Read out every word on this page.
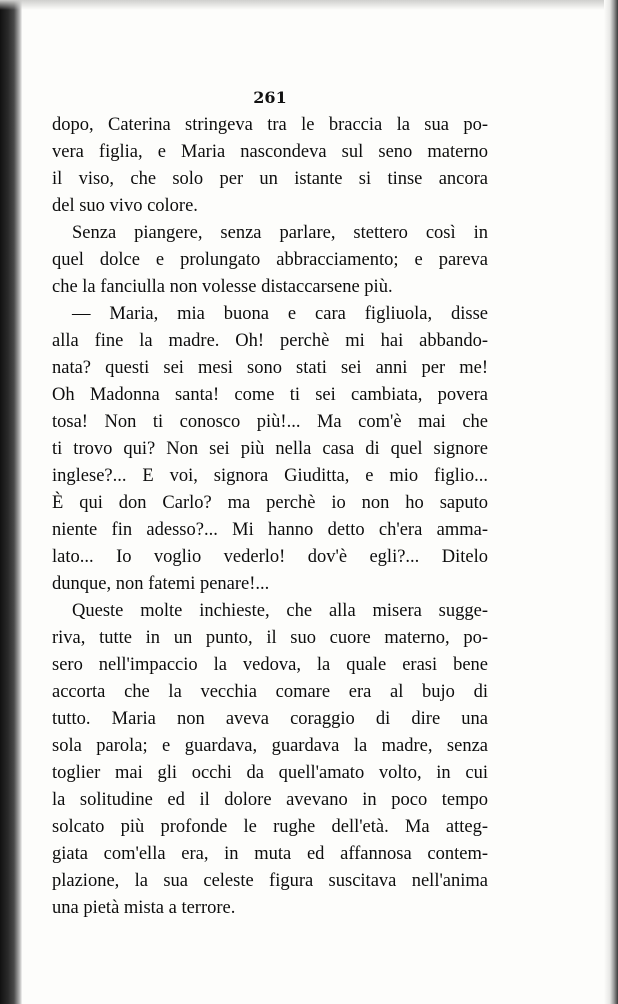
261
dopo, Caterina stringeva tra le braccia la sua po-
vera figlia, e Maria nascondeva sul seno materno
il viso, che solo per un istante si tinse ancora
del suo vivo colore.
Senza piangere, senza parlare, stettero così in
quel dolce e prolungato abbracciamento; e pareva
che la fanciulla non volesse distaccarsene più.
— Maria, mia buona e cara figliuola, disse
alla fine la madre. Oh! perchè mi hai abbando-
nata? questi sei mesi sono stati sei anni per me!
Oh Madonna santa! come ti sei cambiata, povera
tosa! Non ti conosco più!... Ma com'è mai che
ti trovo qui? Non sei più nella casa di quel signore
inglese?... E voi, signora Giuditta, e mio figlio...
È qui don Carlo? ma perchè io non ho saputo
niente fin adesso?... Mi hanno detto ch'era amma-
lato... Io voglio vederlo! dov'è egli?... Ditelo
dunque, non fatemi penare!...
Queste molte inchieste, che alla misera sugge-
riva, tutte in un punto, il suo cuore materno, po-
sero nell'impaccio la vedova, la quale erasi bene
accorta che la vecchia comare era al bujo di
tutto. Maria non aveva coraggio di dire una
sola parola; e guardava, guardava la madre, senza
toglier mai gli occhi da quell'amato volto, in cui
la solitudine ed il dolore avevano in poco tempo
solcato più profonde le rughe dell'età. Ma atteg-
giata com'ella era, in muta ed affannosa contem-
plazione, la sua celeste figura suscitava nell'anima
una pietà mista a terrore.
